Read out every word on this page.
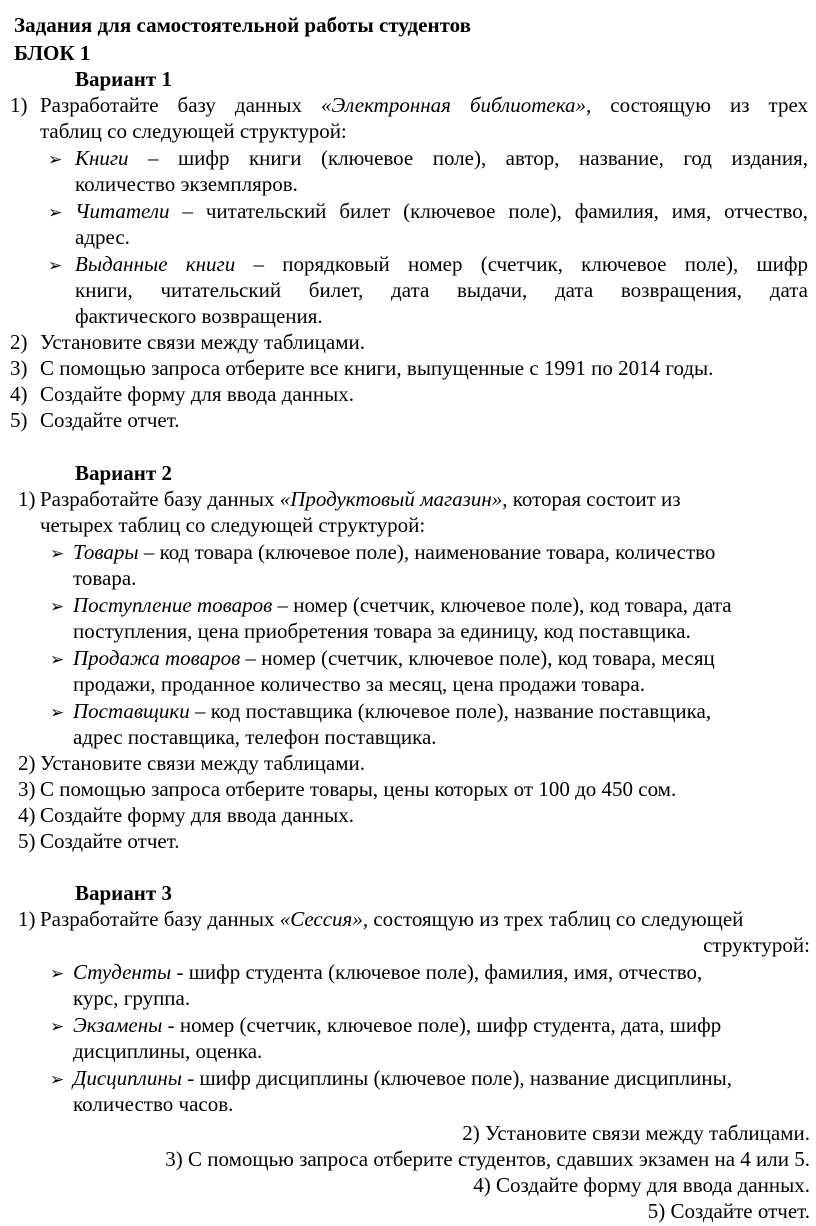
Задания для самостоятельной работы студентов
БЛОК 1
Вариант 1
1) Разработайте базу данных «Электронная библиотека», состоящую из трех
таблиц со следующей структурой:
➢ Книги – шифр книги (ключевое поле), автор, название, год издания,
количество экземпляров.
➢ Читатели – читательский билет (ключевое поле), фамилия, имя, отчество,
адрес.
➢ Выданные книги – порядковый номер (счетчик, ключевое поле), шифр
книги, читательский билет, дата выдачи, дата возвращения, дата
фактического возвращения.
2) Установите связи между таблицами.
3) С помощью запроса отберите все книги, выпущенные с 1991 по 2014 годы.
4) Создайте форму для ввода данных.
5) Создайте отчет.
Вариант 2
1) Разработайте базу данных «Продуктовый магазин», которая состоит из
четырех таблиц со следующей структурой:
➢ Товары – код товара (ключевое поле), наименование товара, количество
товара.
➢ Поступление товаров – номер (счетчик, ключевое поле), код товара, дата
поступления, цена приобретения товара за единицу, код поставщика.
➢ Продажа товаров – номер (счетчик, ключевое поле), код товара, месяц
продажи, проданное количество за месяц, цена продажи товара.
➢ Поставщики – код поставщика (ключевое поле), название поставщика,
адрес поставщика, телефон поставщика.
2) Установите связи между таблицами.
3) С помощью запроса отберите товары, цены которых от 100 до 450 сом.
4) Создайте форму для ввода данных.
5) Создайте отчет.
Вариант 3
1) Разработайте базу данных «Сессия», состоящую из трех таблиц со следующей
структурой:
➢ Студенты - шифр студента (ключевое поле), фамилия, имя, отчество,
курс, группа.
➢ Экзамены - номер (счетчик, ключевое поле), шифр студента, дата, шифр
дисциплины, оценка.
➢ Дисциплины - шифр дисциплины (ключевое поле), название дисциплины,
количество часов.
2) Установите связи между таблицами.
3) С помощью запроса отберите студентов, сдавших экзамен на 4 или 5.
4) Создайте форму для ввода данных.
5) Создайте отчет.
